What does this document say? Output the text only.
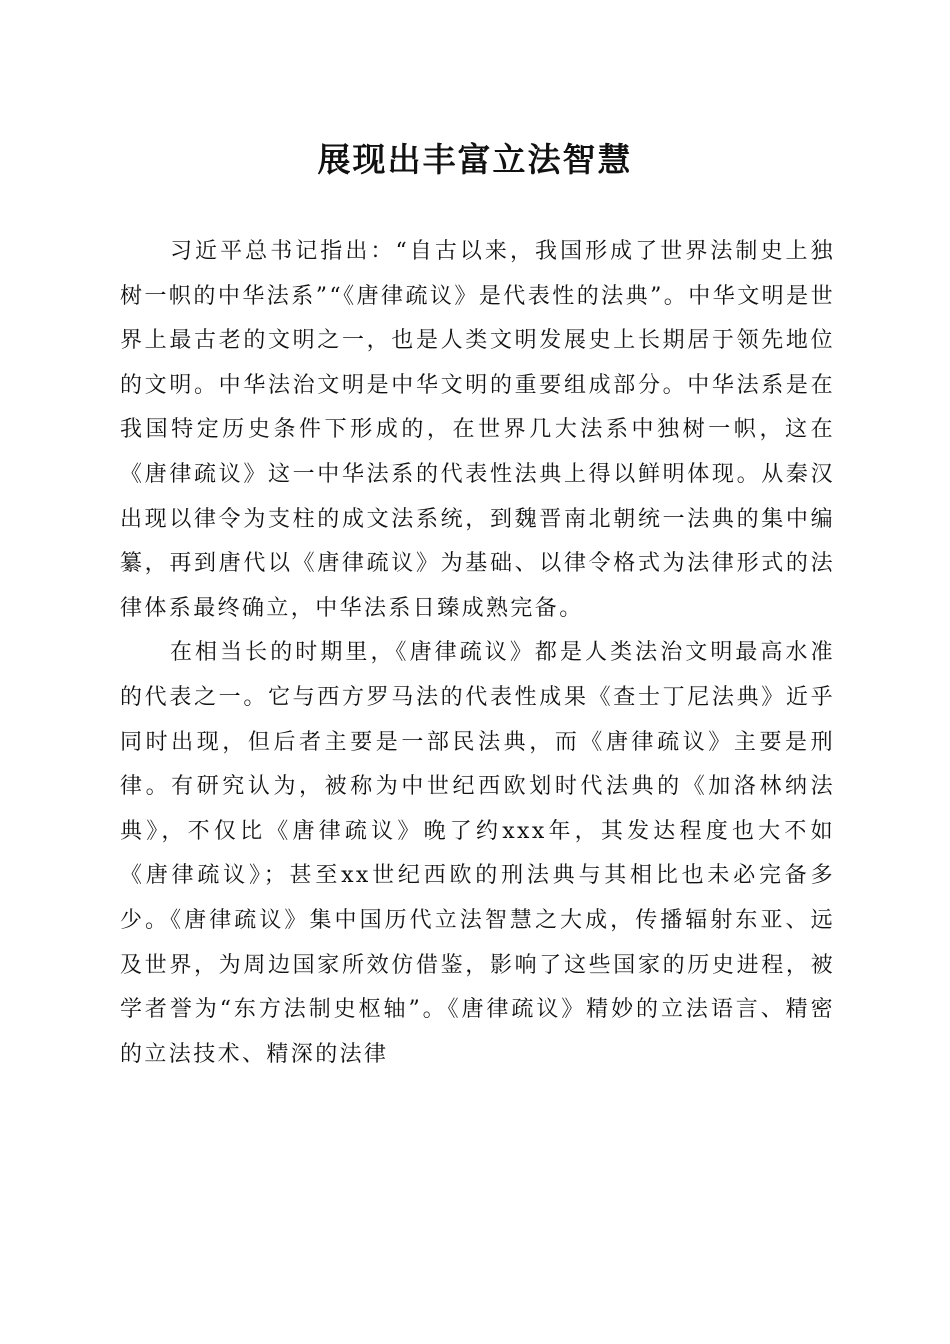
展现出丰富立法智慧

习近平总书记指出：“自古以来，我国形成了世界法制史上独树一帜的中华法系”“《唐律疏议》是代表性的法典”。中华文明是世界上最古老的文明之一，也是人类文明发展史上长期居于领先地位的文明。中华法治文明是中华文明的重要组成部分。中华法系是在我国特定历史条件下形成的，在世界几大法系中独树一帜，这在《唐律疏议》这一中华法系的代表性法典上得以鲜明体现。从秦汉出现以律令为支柱的成文法系统，到魏晋南北朝统一法典的集中编纂，再到唐代以《唐律疏议》为基础、以律令格式为法律形式的法律体系最终确立，中华法系日臻成熟完备。

在相当长的时期里，《唐律疏议》都是人类法治文明最高水准的代表之一。它与西方罗马法的代表性成果《查士丁尼法典》近乎同时出现，但后者主要是一部民法典，而《唐律疏议》主要是刑律。有研究认为，被称为中世纪西欧划时代法典的《加洛林纳法典》，不仅比《唐律疏议》晚了约xxx年，其发达程度也大不如《唐律疏议》；甚至xx世纪西欧的刑法典与其相比也未必完备多少。《唐律疏议》集中国历代立法智慧之大成，传播辐射东亚、远及世界，为周边国家所效仿借鉴，影响了这些国家的历史进程，被学者誉为“东方法制史枢轴”。《唐律疏议》精妙的立法语言、精密的立法技术、精深的法律
